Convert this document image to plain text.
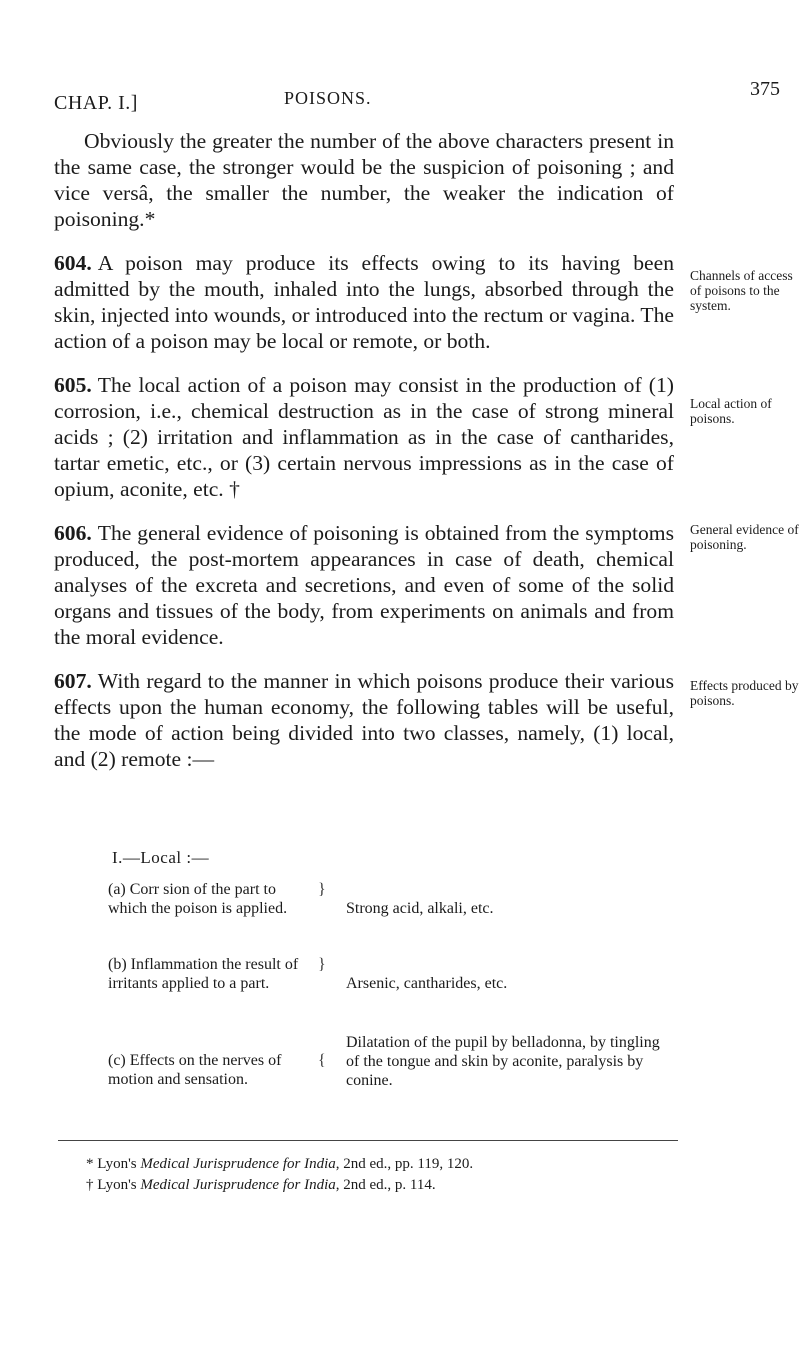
CHAP. I.]	POISONS.	375

Obviously the greater the number of the above characters present in the same case, the stronger would be the suspicion of poisoning ; and vice versâ, the smaller the number, the weaker the indication of poisoning.*

604. A poison may produce its effects owing to its having been admitted by the mouth, inhaled into the lungs, absorbed through the skin, injected into wounds, or introduced into the rectum or vagina. The action of a poison may be local or remote, or both.

605. The local action of a poison may consist in the production of (1) corrosion, i.e., chemical destruction as in the case of strong mineral acids ; (2) irritation and inflammation as in the case of cantharides, tartar emetic, etc., or (3) certain nervous impressions as in the case of opium, aconite, etc. †

606. The general evidence of poisoning is obtained from the symptoms produced, the post-mortem appearances in case of death, chemical analyses of the excreta and secretions, and even of some of the solid organs and tissues of the body, from experiments on animals and from the moral evidence.

607. With regard to the manner in which poisons produce their various effects upon the human economy, the following tables will be useful, the mode of action being divided into two classes, namely, (1) local, and (2) remote :—

Channels of access of poisons to the system.
Local action of poisons.
General evidence of poisoning.
Effects produced by poisons.
I.—Local :—
(a) Corr sion of the part to which the poison is applied.
}
Strong acid, alkali, etc.
(b) Inflammation the result of irritants applied to a part.
}
Arsenic, cantharides, etc.
(c) Effects on the nerves of motion and sensation.
{
Dilatation of the pupil by belladonna, by tingling of the tongue and skin by aconite, paralysis by conine.
* Lyon's Medical Jurisprudence for India, 2nd ed., pp. 119, 120.
† Lyon's Medical Jurisprudence for India, 2nd ed., p. 114.
